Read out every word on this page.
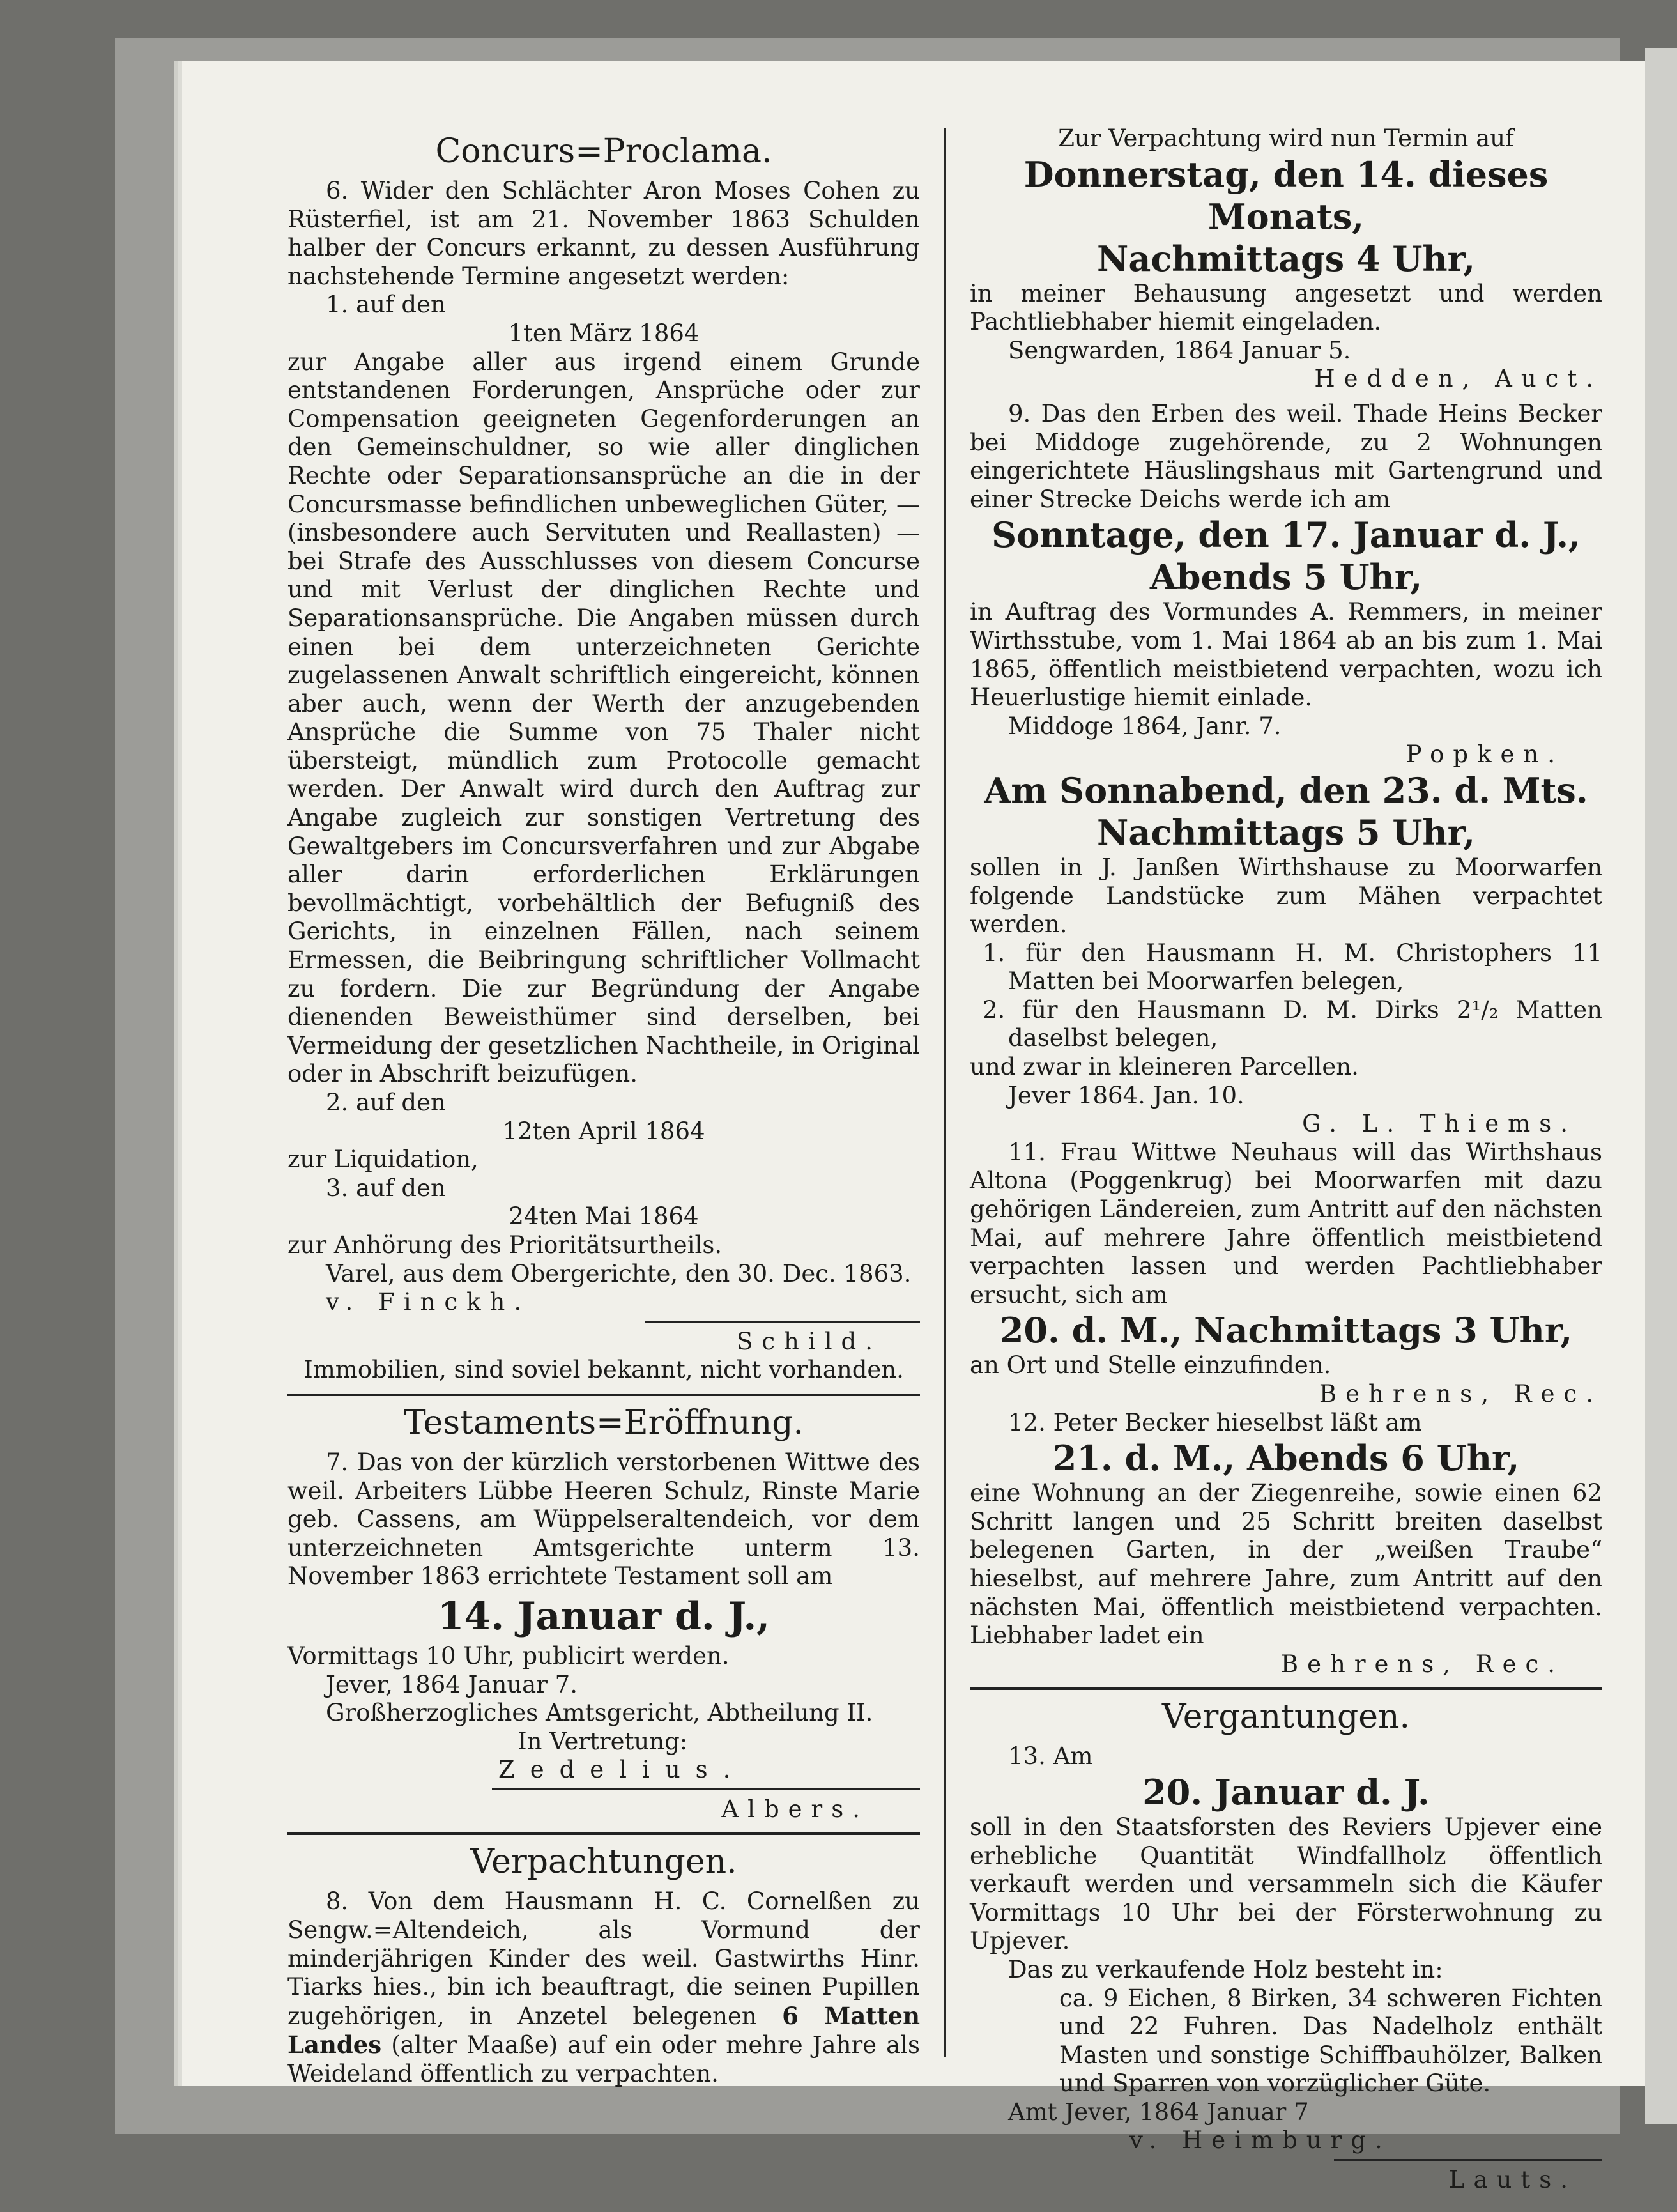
Concurs=Proclama.

6. Wider den Schlächter Aron Moses Cohen zu Rüsterfiel, ist am 21. November 1863 Schulden halber der Concurs erkannt, zu dessen Ausführung nachstehende Termine angesetzt werden:

1. auf den

1ten März 1864

zur Angabe aller aus irgend einem Grunde entstandenen Forderungen, Ansprüche oder zur Compensation geeigneten Gegenforderungen an den Gemeinschuldner, so wie aller dinglichen Rechte oder Separationsansprüche an die in der Concursmasse befindlichen unbeweglichen Güter, — (insbesondere auch Servituten und Reallasten) — bei Strafe des Ausschlusses von diesem Concurse und mit Verlust der dinglichen Rechte und Separationsansprüche. Die Angaben müssen durch einen bei dem unterzeichneten Gerichte zugelassenen Anwalt schriftlich eingereicht, können aber auch, wenn der Werth der anzugebenden Ansprüche die Summe von 75 Thaler nicht übersteigt, mündlich zum Protocolle gemacht werden. Der Anwalt wird durch den Auftrag zur Angabe zugleich zur sonstigen Vertretung des Gewaltgebers im Concursverfahren und zur Abgabe aller darin erforderlichen Erklärungen bevollmächtigt, vorbehältlich der Befugniß des Gerichts, in einzelnen Fällen, nach seinem Ermessen, die Beibringung schriftlicher Vollmacht zu fordern. Die zur Begründung der Angabe dienenden Beweisthümer sind derselben, bei Vermeidung der gesetzlichen Nachtheile, in Original oder in Abschrift beizufügen.

2. auf den

12ten April 1864

zur Liquidation,

3. auf den

24ten Mai 1864

zur Anhörung des Prioritätsurtheils.

Varel, aus dem Obergerichte, den 30. Dec. 1863.

v. Finckh.

Schild.

Immobilien, sind soviel bekannt, nicht vorhanden.

Testaments=Eröffnung.

7. Das von der kürzlich verstorbenen Wittwe des weil. Arbeiters Lübbe Heeren Schulz, Rinste Marie geb. Cassens, am Wüppelseraltendeich, vor dem unterzeichneten Amtsgerichte unterm 13. November 1863 errichtete Testament soll am

14. Januar d. J.,

Vormittags 10 Uhr, publicirt werden.

Jever, 1864 Januar 7.

Großherzogliches Amtsgericht, Abtheilung II.

In Vertretung:

Zedelius.

Albers.

Verpachtungen.

8. Von dem Hausmann H. C. Cornelßen zu Sengw.=Altendeich, als Vormund der minderjährigen Kinder des weil. Gastwirths Hinr. Tiarks hies., bin ich beauftragt, die seinen Pupillen zugehörigen, in Anzetel belegenen 6 Matten Landes (alter Maaße) auf ein oder mehre Jahre als Weideland öffentlich zu verpachten.

Zur Verpachtung wird nun Termin auf

Donnerstag, den 14. dieses Monats,

Nachmittags 4 Uhr,

in meiner Behausung angesetzt und werden Pachtliebhaber hiemit eingeladen.

Sengwarden, 1864 Januar 5.

Hedden, Auct.

9. Das den Erben des weil. Thade Heins Becker bei Middoge zugehörende, zu 2 Wohnungen eingerichtete Häuslingshaus mit Gartengrund und einer Strecke Deichs werde ich am

Sonntage, den 17. Januar d. J.,

Abends 5 Uhr,

in Auftrag des Vormundes A. Remmers, in meiner Wirthsstube, vom 1. Mai 1864 ab an bis zum 1. Mai 1865, öffentlich meistbietend verpachten, wozu ich Heuerlustige hiemit einlade.

Middoge 1864, Janr. 7.

Popken.

Am Sonnabend, den 23. d. Mts.

Nachmittags 5 Uhr,

sollen in J. Janßen Wirthshause zu Moorwarfen folgende Landstücke zum Mähen verpachtet werden.

1. für den Hausmann H. M. Christophers 11 Matten bei Moorwarfen belegen,

2. für den Hausmann D. M. Dirks 2¹/₂ Matten daselbst belegen,

und zwar in kleineren Parcellen.

Jever 1864. Jan. 10.

G. L. Thiems.

11. Frau Wittwe Neuhaus will das Wirthshaus Altona (Poggenkrug) bei Moorwarfen mit dazu gehörigen Ländereien, zum Antritt auf den nächsten Mai, auf mehrere Jahre öffentlich meistbietend verpachten lassen und werden Pachtliebhaber ersucht, sich am

20. d. M., Nachmittags 3 Uhr,

an Ort und Stelle einzufinden.

Behrens, Rec.

12. Peter Becker hieselbst läßt am

21. d. M., Abends 6 Uhr,

eine Wohnung an der Ziegenreihe, sowie einen 62 Schritt langen und 25 Schritt breiten daselbst belegenen Garten, in der „weißen Traube“ hieselbst, auf mehrere Jahre, zum Antritt auf den nächsten Mai, öffentlich meistbietend verpachten. Liebhaber ladet ein

Behrens, Rec.

Vergantungen.

13. Am

20. Januar d. J.

soll in den Staatsforsten des Reviers Upjever eine erhebliche Quantität Windfallholz öffentlich verkauft werden und versammeln sich die Käufer Vormittags 10 Uhr bei der Försterwohnung zu Upjever.

Das zu verkaufende Holz besteht in:

ca. 9 Eichen, 8 Birken, 34 schweren Fichten und 22 Fuhren. Das Nadelholz enthält Masten und sonstige Schiffbauhölzer, Balken und Sparren von vorzüglicher Güte.

Amt Jever, 1864 Januar 7

v. Heimburg.

Lauts.
